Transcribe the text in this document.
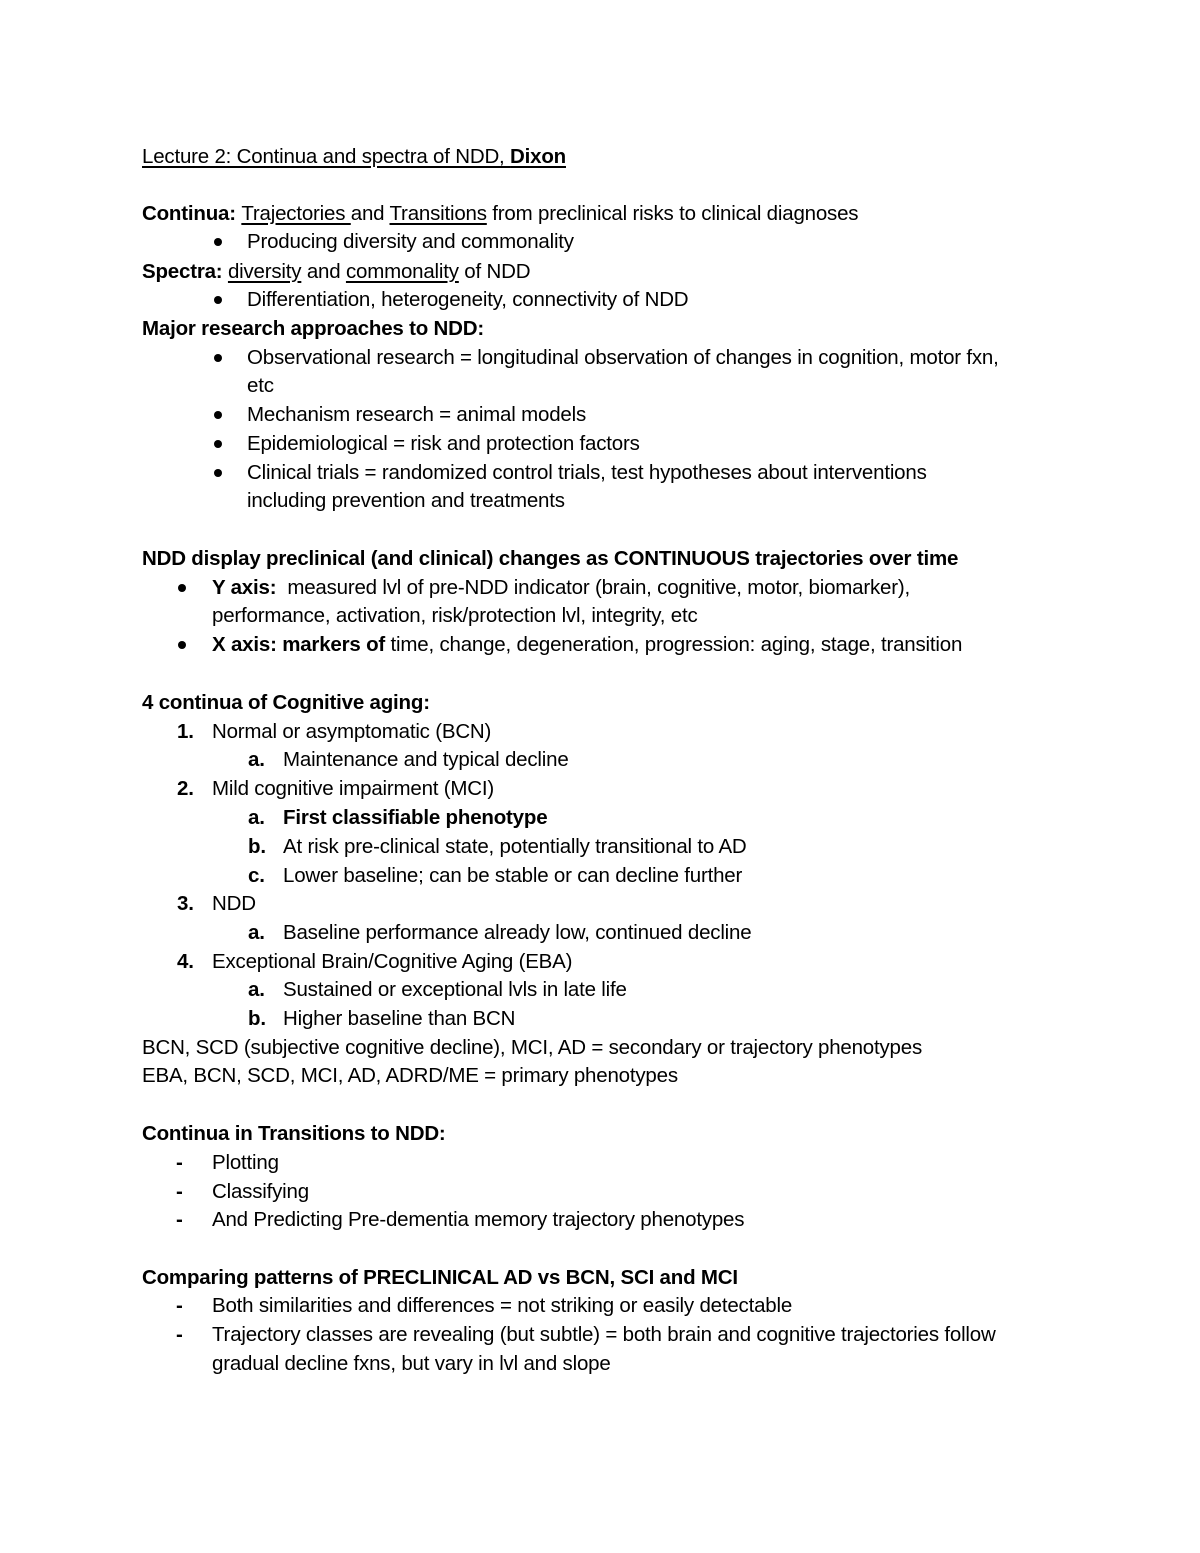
Lecture 2: Continua and spectra of NDD, Dixon
Continua: Trajectories and Transitions from preclinical risks to clinical diagnoses
Producing diversity and commonality
Spectra: diversity and commonality of NDD
Differentiation, heterogeneity, connectivity of NDD
Major research approaches to NDD:
Observational research = longitudinal observation of changes in cognition, motor fxn,
etc
Mechanism research = animal models
Epidemiological = risk and protection factors
Clinical trials = randomized control trials, test hypotheses about interventions
including prevention and treatments
NDD display preclinical (and clinical) changes as CONTINUOUS trajectories over time
Y axis:  measured lvl of pre-NDD indicator (brain, cognitive, motor, biomarker),
performance, activation, risk/protection lvl, integrity, etc
X axis: markers of time, change, degeneration, progression: aging, stage, transition
4 continua of Cognitive aging:
1. Normal or asymptomatic (BCN)
a. Maintenance and typical decline
2. Mild cognitive impairment (MCI)
a. First classifiable phenotype
b. At risk pre-clinical state, potentially transitional to AD
c. Lower baseline; can be stable or can decline further
3. NDD
a. Baseline performance already low, continued decline
4. Exceptional Brain/Cognitive Aging (EBA)
a. Sustained or exceptional lvls in late life
b. Higher baseline than BCN
BCN, SCD (subjective cognitive decline), MCI, AD = secondary or trajectory phenotypes
EBA, BCN, SCD, MCI, AD, ADRD/ME = primary phenotypes
Continua in Transitions to NDD:
- Plotting
- Classifying
- And Predicting Pre-dementia memory trajectory phenotypes
Comparing patterns of PRECLINICAL AD vs BCN, SCI and MCI
- Both similarities and differences = not striking or easily detectable
- Trajectory classes are revealing (but subtle) = both brain and cognitive trajectories follow
gradual decline fxns, but vary in lvl and slope
